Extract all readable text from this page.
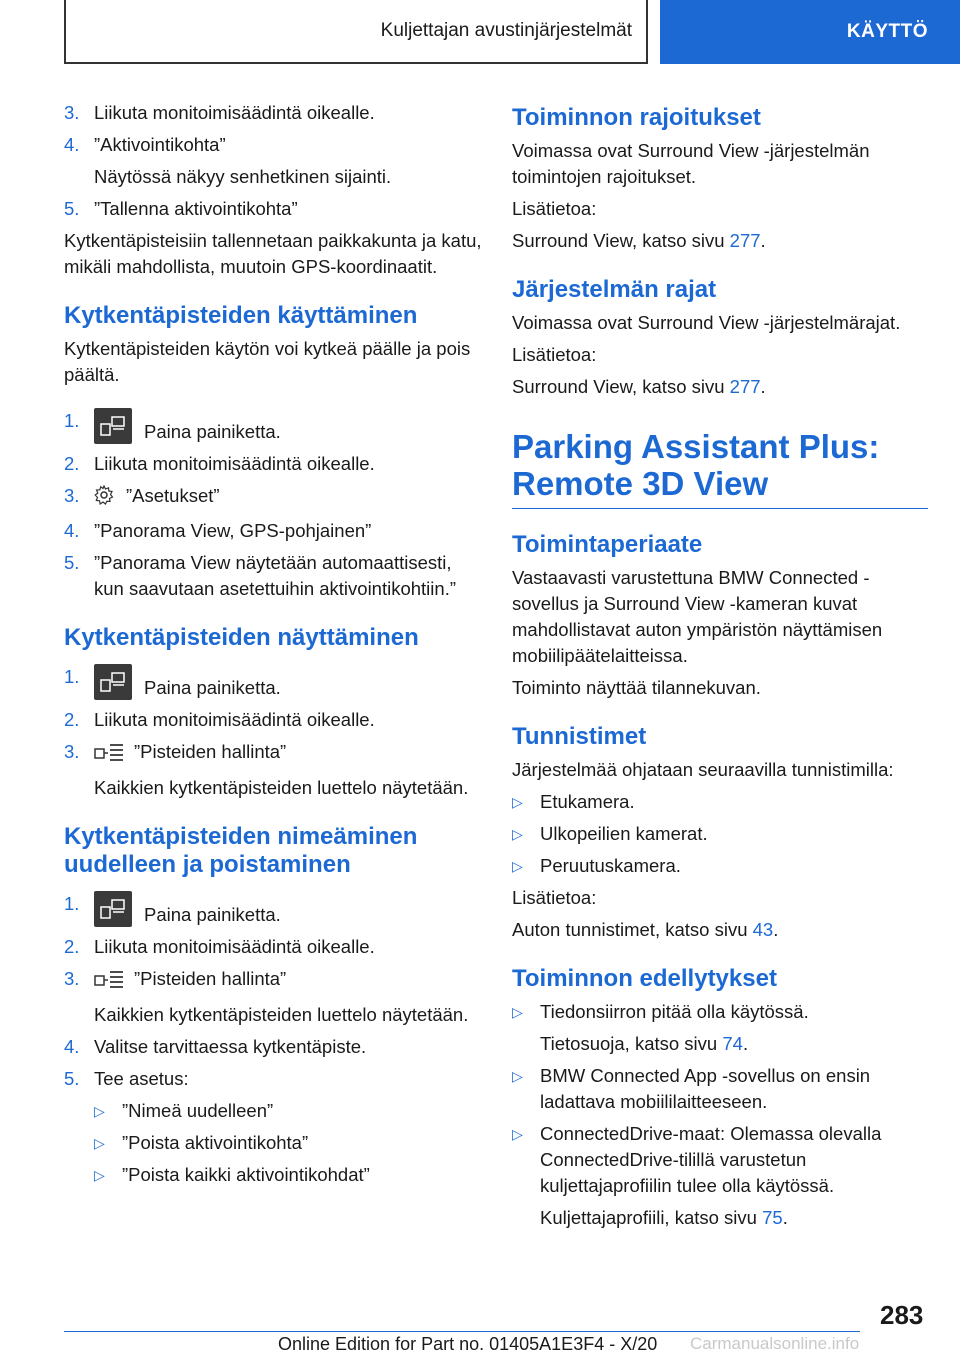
Kuljettajan avustinjärjestelmät	KÄYTTÖ
3. Liikuta monitoimisäädintä oikealle.
4. ”Aktivointikohta”
Näytössä näkyy senhetkinen sijainti.
5. ”Tallenna aktivointikohta”
Kytkentäpisteisiin tallennetaan paikkakunta ja katu, mikäli mahdollista, muutoin GPS-koordinaatit.
Kytkentäpisteiden käyttäminen
Kytkentäpisteiden käytön voi kytkeä päälle ja pois päältä.
1.
Paina painiketta.
2. Liikuta monitoimisäädintä oikealle.
3.	”Asetukset”
4. ”Panorama View, GPS-pohjainen”
5. ”Panorama View näytetään automaattisesti, kun saavutaan asetettuihin aktivointikohtiin.”
Kytkentäpisteiden näyttäminen
1.
Paina painiketta.
2. Liikuta monitoimisäädintä oikealle.
3.	”Pisteiden hallinta”
Kaikkien kytkentäpisteiden luettelo näytetään.
Kytkentäpisteiden nimeäminen uudelleen ja poistaminen
1.
Paina painiketta.
2. Liikuta monitoimisäädintä oikealle.
3.	”Pisteiden hallinta”
Kaikkien kytkentäpisteiden luettelo näytetään.
4. Valitse tarvittaessa kytkentäpiste.
5. Tee asetus:
▷ ”Nimeä uudelleen”
▷ ”Poista aktivointikohta”
▷ ”Poista kaikki aktivointikohdat”
Toiminnon rajoitukset
Voimassa ovat Surround View -järjestelmän toimintojen rajoitukset.
Lisätietoa:
Surround View, katso sivu 277.
Järjestelmän rajat
Voimassa ovat Surround View -järjestelmärajat.
Lisätietoa:
Surround View, katso sivu 277.
Parking Assistant Plus: Remote 3D View
Toimintaperiaate
Vastaavasti varustettuna BMW Connected -sovellus ja Surround View -kameran kuvat mahdollistavat auton ympäristön näyttämisen mobiilipäätelaitteissa.
Toiminto näyttää tilannekuvan.
Tunnistimet
Järjestelmää ohjataan seuraavilla tunnistimilla:
▷ Etukamera.
▷ Ulkopeilien kamerat.
▷ Peruutuskamera.
Lisätietoa:
Auton tunnistimet, katso sivu 43.
Toiminnon edellytykset
▷ Tiedonsiirron pitää olla käytössä.
Tietosuoja, katso sivu 74.
▷ BMW Connected App -sovellus on ensin ladattava mobiililaitteeseen.
▷ ConnectedDrive-maat: Olemassa olevalla ConnectedDrive-tilillä varustetun kuljettajaprofiilin tulee olla käytössä.
Kuljettajaprofiili, katso sivu 75.
283
Online Edition for Part no. 01405A1E3F4 - X/20 Carmanualsonline.info
